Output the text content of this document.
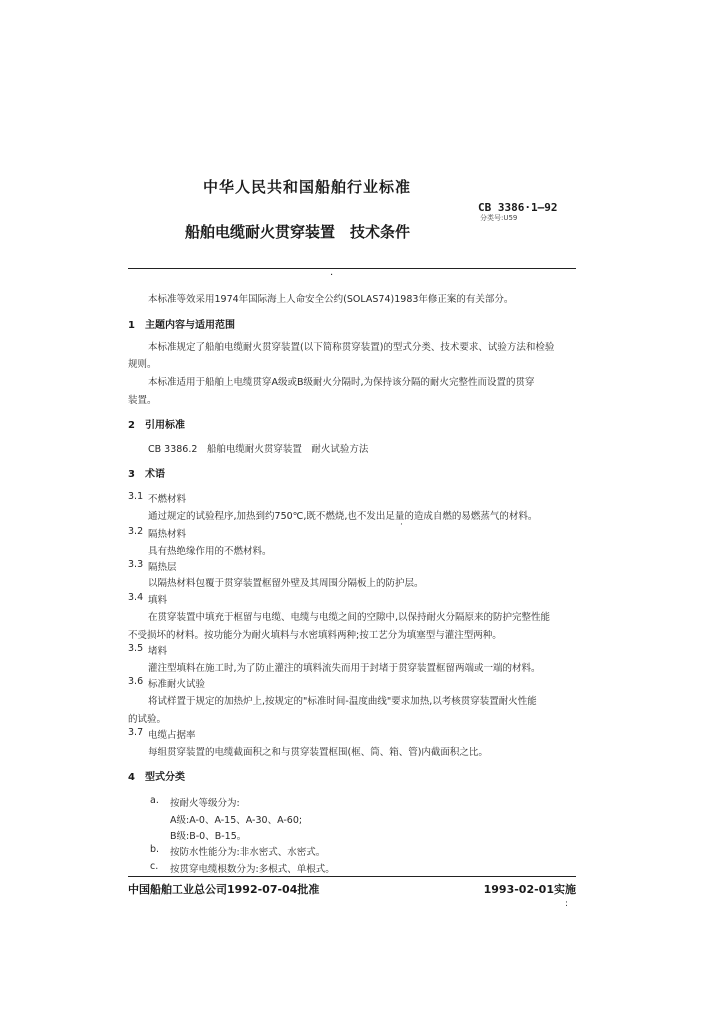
中华人民共和国船舶行业标准
CB 3386·1—92
分类号:U59
船舶电缆耐火贯穿装置　技术条件
·
本标准等效采用1974年国际海上人命安全公约(SOLAS74)1983年修正案的有关部分。
1　主题内容与适用范围
本标准规定了船舶电缆耐火贯穿装置(以下简称贯穿装置)的型式分类、技术要求、试验方法和检验
规则。
本标准适用于船舶上电缆贯穿A级或B级耐火分隔时,为保持该分隔的耐火完整性而设置的贯穿
装置。
2　引用标准
CB 3386.2　船舶电缆耐火贯穿装置　耐火试验方法
3　术语
3.1 不燃材料
通过规定的试验程序,加热到约750℃,既不燃烧,也不发出足量的造成自燃的易燃蒸气的材料。
3.2 隔热材料
具有热绝缘作用的不燃材料。
3.3 隔热层
以隔热材料包覆于贯穿装置框留外壁及其周围分隔板上的防护层。
3.4 填料
在贯穿装置中填充于框留与电缆、电缆与电缆之间的空隙中,以保持耐火分隔原来的防护完整性能
不受损坏的材料。按功能分为耐火填料与水密填料两种;按工艺分为填塞型与灌注型两种。
3.5 堵料
灌注型填料在施工时,为了防止灌注的填料流失而用于封堵于贯穿装置框留两端或一端的材料。
3.6 标准耐火试验
将试样置于规定的加热炉上,按规定的"标准时间-温度曲线"要求加热,以考核贯穿装置耐火性能
的试验。
3.7 电缆占据率
每组贯穿装置的电缆截面积之和与贯穿装置框围(框、筒、箱、管)内截面积之比。
4　型式分类
a. 按耐火等级分为:
A级:A-0、A-15、A-30、A-60;
B级:B-0、B-15。
b. 按防水性能分为:非水密式、水密式。
c. 按贯穿电缆根数分为:多根式、单根式。
中国船舶工业总公司1992-07-04批准	1993-02-01实施
:
·
